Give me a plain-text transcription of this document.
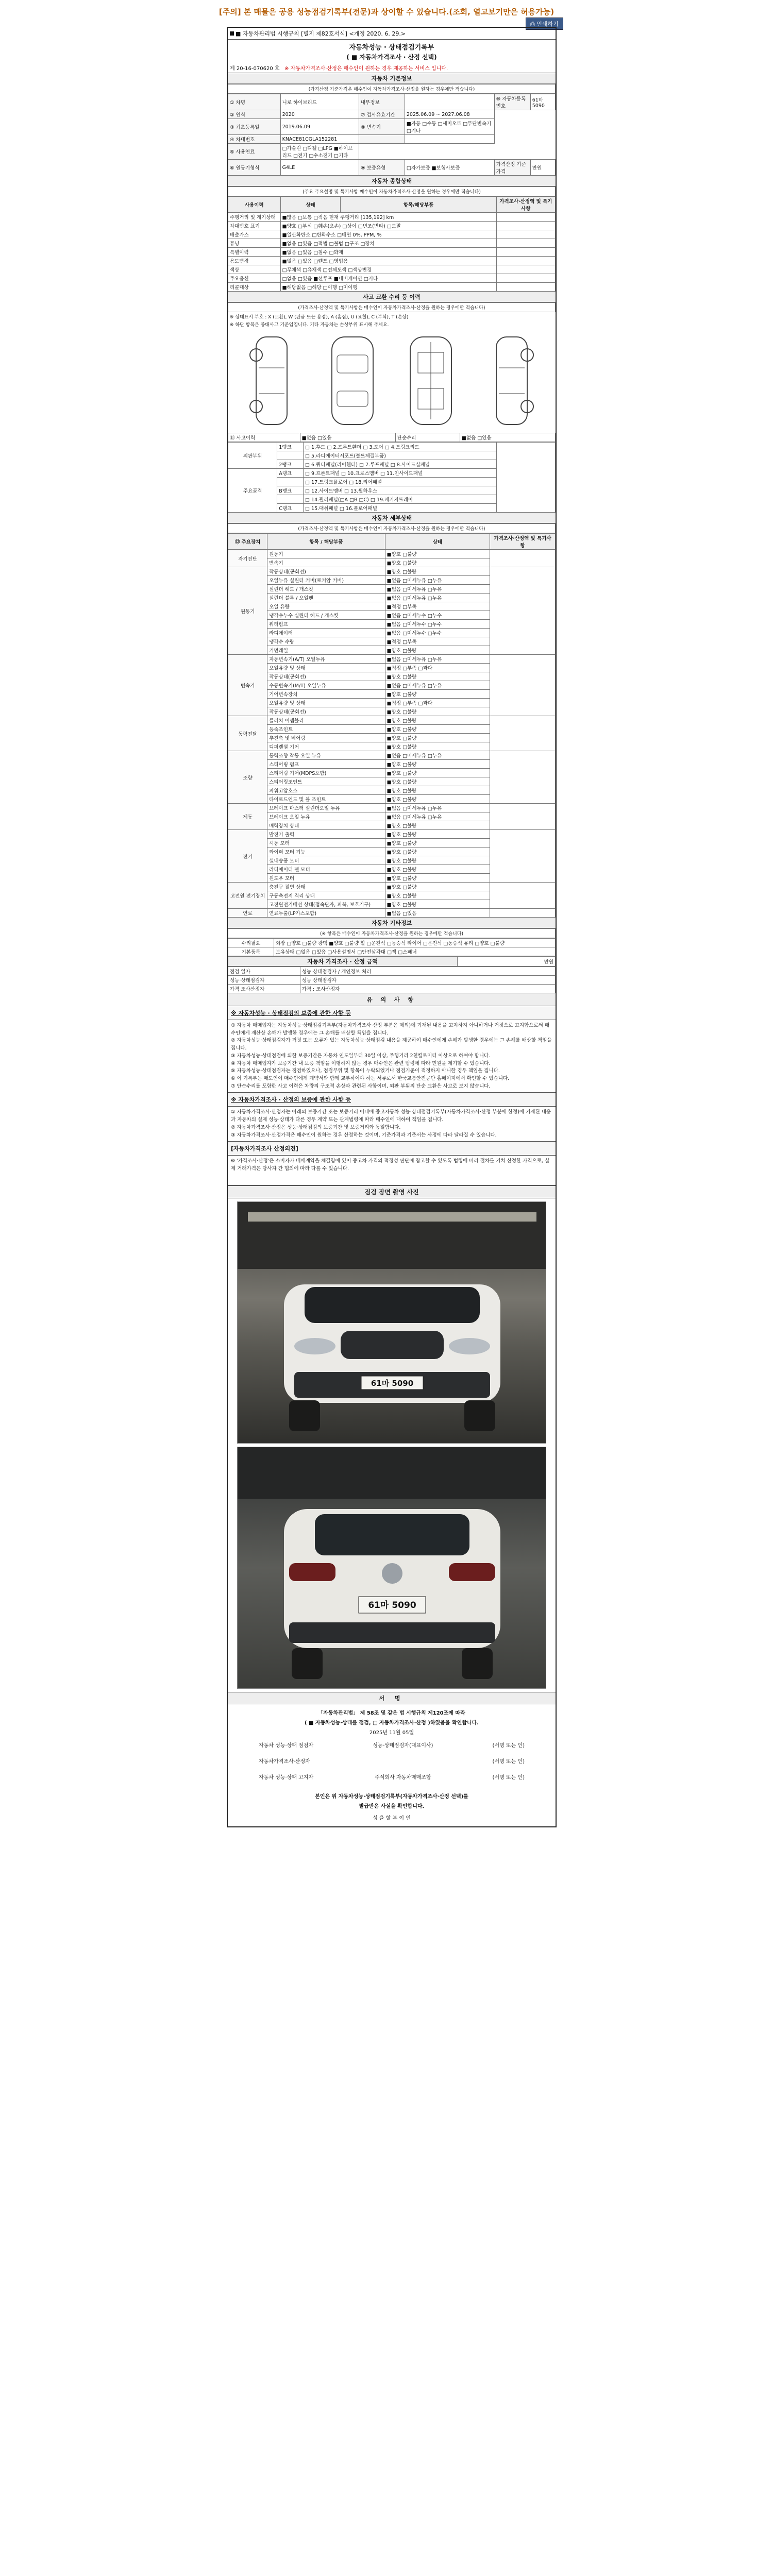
[주의] 본 매물은 공용 성능점검기록부(전문)과 상이할 수 있습니다.(조회, 열고보기만은 허용가능)
⎙ 인쇄하기
■ 자동차관리법 시행규칙 [별지 제82호서식] <개정 2020. 6. 29.>
자동차성능 · 상태점검기록부
( ■ 자동차가격조사 · 산정 선택)
제 20-16-070620 호 ※ 자동차가격조사·산정은 매수인이 원하는 경우 제공하는 서비스 입니다.
자동차 기본정보
(가격산정 기준가격은 매수인이 자동차가격조사·산정을 원하는 경우에만 적습니다)
① 차명	니로 하이브리드	내부정보		⑩ 자동차등록번호	61마5090
② 연식	2020	⑦ 검사유효기간	2025.06.09 ~ 2027.06.08		
③ 최초등록일	2019.06.09	⑧ 변속기	■자동 □수동 □세미오토 □무단변속기 □기타		
④ 차대번호	KNACE81CGLA152281				
⑤ 사용연료	□가솔린 □디젤 □LPG ■하이브리드 □전기 □수소전기 □기타				
⑥ 원동기형식	G4LE	⑨ 보증유형	□자가보증 ■보험사보증	가격산정 기준가격	만원
자동차 종합상태
(주요 주요설명 및 특기사항 매수인이 자동차가격조사·산정을 원하는 경우에만 적습니다)
사용이력	상태	항목/해당부품	가격조사·산정액 및 특기사항
주행거리 및 계기상태	■많음 □보통 □적음 현재 주행거리 [135,192] km		
차대번호 표기	■양호 □부식 □훼손(오손) □상이 □변조(변타) □도말		
배출가스	■일산화탄소 □탄화수소 □매연 0%, PPM, %		
튜닝	■없음 □있음 □적법 □불법 □구조 □장치		
특별이력	■없음 □있음 □침수 □화재		
용도변경	■없음 □있음 □렌트 □영업용		
색상	□무채색 □유채색 □전체도색 □색상변경		
주요옵션	□없음 □있음 ■선루프 ■네비게이션 □기타		
리콜대상	■해당없음 □해당 □이행 □미이행		
사고 교환 수리 등 이력
(가격조사·산정액 및 특기사항은 매수인이 자동차가격조사·산정을 원하는 경우에만 적습니다)
※ 상태표시 부호 : X (교환), W (판금 또는 용접), A (흠집), U (요철), C (부식), T (손상)
※ 하단 항목은 중대사고 기준임입니다. 기타 자동차는 손상부위 표시해 주세요.
⑪ 사고이력	■없음 □있음	단순수리	■없음 □있음
외판부위	1랭크	□ 1.후드 □ 2.프론트휀더 □ 3.도어 □ 4.트렁크리드	
		□ 5.라디에이터서포트(볼트체결부품)	
	2랭크	□ 6.쿼터패널(리어휀더) □ 7.루프패널 □ 8.사이드실패널	
주요골격	A랭크	□ 9.프론트패널 □ 10.크로스멤버 □ 11.인사이드패널	
		□ 17.트렁크플로어 □ 18.리어패널	
	B랭크	□ 12.사이드멤버 □ 13.휠하우스	
		□ 14.필러패널(□A □B □C) □ 19.패키지트레이	
	C랭크	□ 15.대쉬패널 □ 16.플로어패널	
자동차 세부상태
(가격조사·산정액 및 특기사항은 매수인이 자동차가격조사·산정을 원하는 경우에만 적습니다)
⑫ 주요장치	항목 / 해당부품	상태	가격조사·산정액 및 특기사항
자기진단	원동기	■양호 □불량	
	변속기	■양호 □불량	
원동기	작동상태(공회전)	■양호 □불량	
	오일누유 실린더 커버(로커암 커버)	■없음 □미세누유 □누유	
	실린더 헤드 / 개스킷	■없음 □미세누유 □누유	
	실린더 블록 / 오일팬	■없음 □미세누유 □누유	
	오일 유량	■적정 □부족	
	냉각수누수 실린더 헤드 / 개스킷	■없음 □미세누수 □누수	
	워터펌프	■없음 □미세누수 □누수	
	라디에이터	■없음 □미세누수 □누수	
	냉각수 수량	■적정 □부족	
	커먼레일	■양호 □불량	
변속기	자동변속기(A/T) 오일누유	■없음 □미세누유 □누유	
	오일유량 및 상태	■적정 □부족 □과다	
	작동상태(공회전)	■양호 □불량	
	수동변속기(M/T) 오일누유	■없음 □미세누유 □누유	
	기어변속장치	■양호 □불량	
	오일유량 및 상태	■적정 □부족 □과다	
	작동상태(공회전)	■양호 □불량	
동력전달	클러치 어셈블리	■양호 □불량	
	등속조인트	■양호 □불량	
	추진축 및 베어링	■양호 □불량	
	디퍼렌셜 기어	■양호 □불량	
조향	동력조향 작동 오일 누유	■없음 □미세누유 □누유	
	스티어링 펌프	■양호 □불량	
	스티어링 기어(MDPS포함)	■양호 □불량	
	스티어링조인트	■양호 □불량	
	파워고압호스	■양호 □불량	
	타이로드엔드 및 볼 조인트	■양호 □불량	
제동	브레이크 마스터 실린더오일 누유	■없음 □미세누유 □누유	
	브레이크 오일 누유	■없음 □미세누유 □누유	
	배력장치 상태	■양호 □불량	
전기	발전기 출력	■양호 □불량	
	시동 모터	■양호 □불량	
	와이퍼 모터 기능	■양호 □불량	
	실내송풍 모터	■양호 □불량	
	라디에이터 팬 모터	■양호 □불량	
	윈도우 모터	■양호 □불량	
고전원 전기장치	충전구 절연 상태	■양호 □불량	
	구동축전지 격리 상태	■양호 □불량	
	고전원전기배선 상태(접속단자, 피복, 보호기구)	■양호 □불량	
연료	연료누출(LP가스포함)	■없음 □있음	
자동차 기타정보
(※ 항목은 매수인이 자동차가격조사·산정을 원하는 경우에만 적습니다)
수리필요	외장 □양호 □불량 광택 ■양호 □불량 휠 □운전석 □동승석 타이어 □운전석 □동승석 유리 □양호 □불량
기본품목	보유상태 □없음 □있음 □사용설명서 □안전삼각대 □잭 □스패너
자동차 가격조사 · 산정 금액	만원
점검 일자	성능·상태점검자 / 개인정보 처리
성능·상태점검자	성능·상태점검자
가격 조사산정자	가격 : 조사산정자
유 의 사 항
※ 자동차성능 · 상태점검의 보증에 관한 사항 등
① 자동차 매매업자는 자동차성능·상태점검기록부(자동차가격조사·산정 부분은 제외)에 기재된 내용을 고지하지 아니하거나 거짓으로 고지함으로써 매수인에게 재산상 손해가 발생한 경우에는 그 손해를 배상할 책임을 집니다.
② 자동차성능·상태점검자가 거짓 또는 오류가 있는 자동차성능·상태점검 내용을 제공하여 매수인에게 손해가 발생한 경우에는 그 손해를 배상할 책임을 집니다.
③ 자동차성능·상태점검에 의한 보증기간은 자동차 인도일부터 30일 이상, 주행거리 2천킬로미터 이상으로 하여야 합니다.
④ 자동차 매매업자가 보증기간 내 보증 책임을 이행하지 않는 경우 매수인은 관련 법령에 따라 민원을 제기할 수 있습니다.
⑤ 자동차성능·상태점검자는 점검하였으나, 점검부위 및 항목이 누락되었거나 점검기준이 적정하지 아니한 경우 책임을 집니다.
⑥ 이 기록부는 매도인이 매수인에게 계약서와 함께 교부하여야 하는 서류로서 한국교통안전공단 홈페이지에서 확인할 수 있습니다.
⑦ 단순수리를 포함한 사고 이력은 차량의 구조적 손상과 관련된 사항이며, 외판 부위의 단순 교환은 사고로 보지 않습니다.
※ 자동차가격조사 · 산정의 보증에 관한 사항 등
① 자동차가격조사·산정자는 아래의 보증기간 또는 보증거리 이내에 중고자동차 성능·상태점검기록부(자동차가격조사·산정 부분에 한정)에 기재된 내용과 자동차의 실제 성능·상태가 다른 경우 계약 또는 관계법령에 따라 매수인에 대하여 책임을 집니다.
② 자동차가격조사·산정은 성능·상태점검의 보증기간 및 보증거리와 동일합니다.
③ 자동차가격조사·산정가격은 매수인이 원하는 경우 산정하는 것이며, 기준가격과 기준서는 사정에 따라 달라질 수 있습니다.
[자동차가격조사 산정의견]
※ '가격조사·산정'은 소비자가 매매계약을 체결함에 있어 중고차 가격의 적정성 판단에 참고할 수 있도록 법령에 따라 절차를 거쳐 산정한 가격으로, 실제 거래가격은 당사자 간 협의에 따라 다를 수 있습니다.
점검 장면 촬영 사진
61마 5090
61마 5090
서 명
「자동차관리법」 제 58조 및 같은 법 시행규칙 제120조에 따라
( ■ 자동차성능·상태를 점검, □ 자동차가격조사·산정 )하였음을 확인합니다.
2025년 11월 05일
자동차 성능·상태 점검자	성능·상태점검자(대표이사)	(서명 또는 인)
자동차가격조사·산정자	(서명 또는 인)
자동차 성능·상태 고지자	주식회사 자동차매매조합	(서명 또는 인)
본인은 위 자동차성능·상태점검기록부(자동차가격조사·산정 선택)를
발급받은 사실을 확인합니다.
성 을 할 부 이 인
